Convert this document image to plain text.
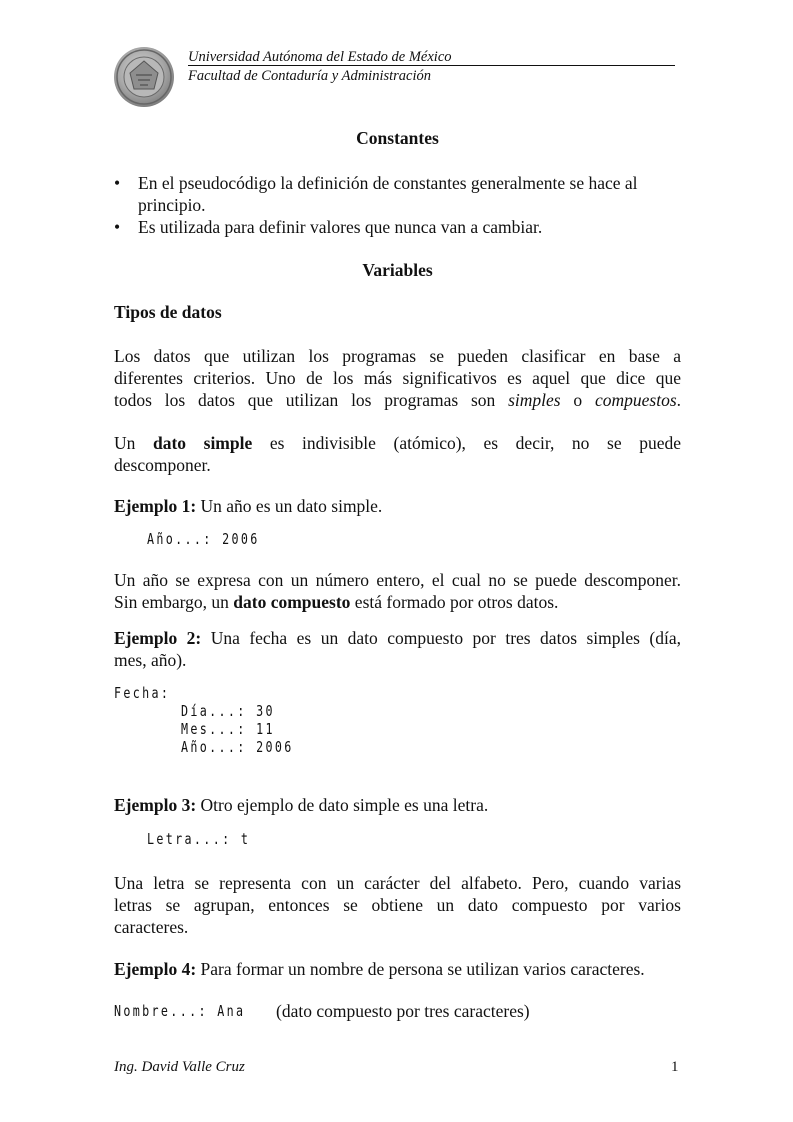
Universidad Autónoma del Estado de México
Facultad de Contaduría y Administración
Constantes
•	En el pseudocódigo la definición de constantes generalmente se hace al principio.
•	Es utilizada para definir valores que nunca van a cambiar.
Variables
Tipos de datos
Los datos que utilizan los programas se pueden clasificar en base a
diferentes criterios. Uno de los más significativos es aquel que dice que
todos los datos que utilizan los programas son simples o compuestos.
Un dato simple es indivisible (atómico), es decir, no se puede
descomponer.
Ejemplo 1: Un año es un dato simple.
Año...: 2006
Un año se expresa con un número entero, el cual no se puede descomponer.
Sin embargo, un dato compuesto está formado por otros datos.
Ejemplo 2: Una fecha es un dato compuesto por tres datos simples (día,
mes, año).
Fecha:
Día...: 30
Mes...: 11
Año...: 2006
Ejemplo 3: Otro ejemplo de dato simple es una letra.
Letra...: t
Una letra se representa con un carácter del alfabeto. Pero, cuando varias
letras se agrupan, entonces se obtiene un dato compuesto por varios
caracteres.
Ejemplo 4: Para formar un nombre de persona se utilizan varios caracteres.
Nombre...: Ana (dato compuesto por tres caracteres)
Ing. David Valle Cruz	1
